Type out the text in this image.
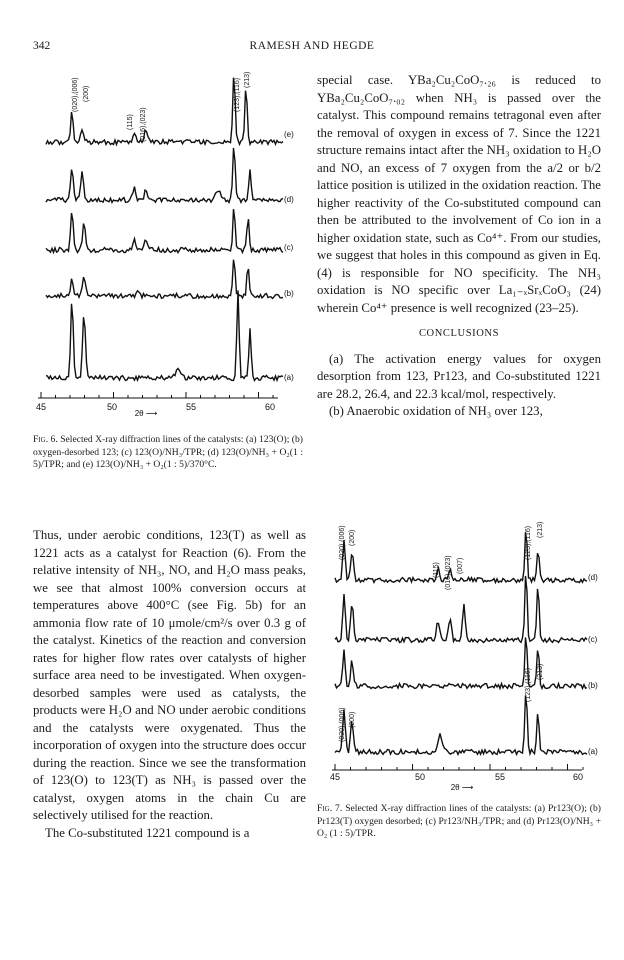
342	RAMESH AND HEGDE
(020),(006) (200)
(115) (016),(023)
(123),(116) (213)
(e)
(d)
(c)
(b)
(a)
45	50	55	60
2θ ⟶
Fig. 6. Selected X-ray diffraction lines of the catalysts: (a) 123(O); (b) oxygen-desorbed 123; (c) 123(O)/NH₃/TPR; (d) 123(O)/NH₃ + O₂(1 : 5)/TPR; and (e) 123(O)/NH₃ + O₂(1 : 5)/370°C.

special case. YBa₂Cu₂CoO₇.₂₆ is reduced to YBa₂Cu₂CoO₇.₀₂ when NH₃ is passed over the catalyst. This compound remains tetragonal even after the removal of oxygen in excess of 7. Since the 1221 structure remains intact after the NH₃ oxidation to H₂O and NO, an excess of 7 oxygen from the a/2 or b/2 lattice position is utilized in the oxidation reaction. The higher reactivity of the Co-substituted compound can then be attributed to the involvement of Co ion in a higher oxidation state, such as Co⁴⁺. From our studies, we suggest that holes in this compound as given in Eq. (4) is responsible for NO specificity. The NH₃ oxidation is NO specific over La₁₋ₓSrₓCoO₃ (24) wherein Co⁴⁺ presence is well recognized (23–25).

CONCLUSIONS

(a) The activation energy values for oxygen desorption from 123, Pr123, and Co-substituted 1221 are 28.2, 26.4, and 22.3 kcal/mol, respectively.

(b) Anaerobic oxidation of NH₃ over 123,

Thus, under aerobic conditions, 123(T) as well as 1221 acts as a catalyst for Reaction (6). From the relative intensity of NH₃, NO, and H₂O mass peaks, we see that almost 100% conversion occurs at temperatures above 400°C (see Fig. 5b) for an ammonia flow rate of 10 μmole/cm²/s over 0.3 g of the catalyst. Kinetics of the reaction and conversion rates for higher flow rates over catalysts of higher surface area need to be investigated. When oxygen-desorbed samples were used as catalysts, the products were H₂O and NO under aerobic conditions and the catalysts were oxygenated. Thus the incorporation of oxygen into the structure does occur during the reaction. Since we see the transformation of 123(O) to 123(T) as NH₃ is passed over the catalyst, oxygen atoms in the chain Cu are selectively utilised for the reaction.

The Co-substituted 1221 compound is a

(020),(006) (200)
(115) (016),(023) (007)
(123),(116) (213)
(020),(006) (200)
(123),(116) (213)
(d)
(c)
(b)
(a)
45	50	55	60
2θ ⟶
Fig. 7. Selected X-ray diffraction lines of the catalysts: (a) Pr123(O); (b) Pr123(T) oxygen desorbed; (c) Pr123/NH₃/TPR; and (d) Pr123(O)/NH₃ + O₂ (1 : 5)/TPR.
